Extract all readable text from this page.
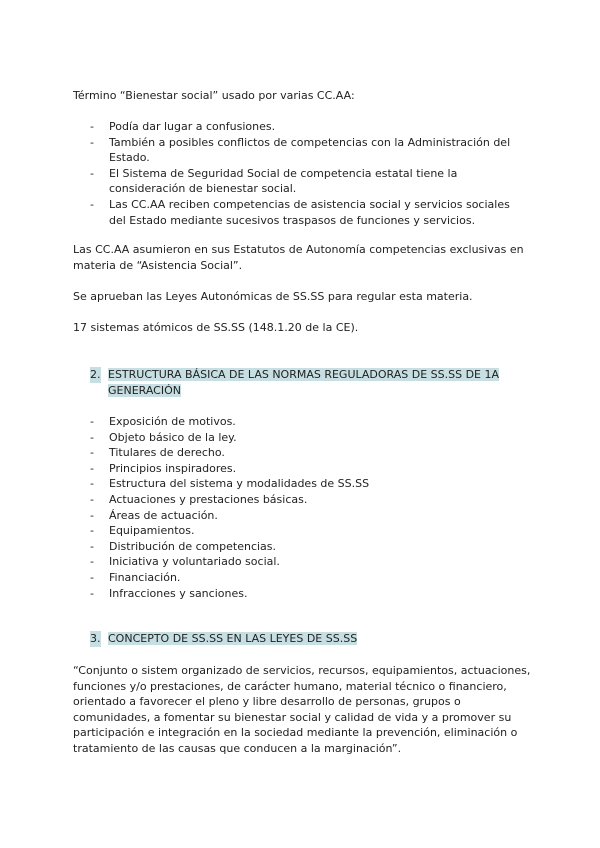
Término “Bienestar social” usado por varias CC.AA:

- Podía dar lugar a confusiones.
- También a posibles conflictos de competencias con la Administración del Estado.
- El Sistema de Seguridad Social de competencia estatal tiene la consideración de bienestar social.
- Las CC.AA reciben competencias de asistencia social y servicios sociales del Estado mediante sucesivos traspasos de funciones y servicios.

Las CC.AA asumieron en sus Estatutos de Autonomía competencias exclusivas en materia de “Asistencia Social”.

Se aprueban las Leyes Autonómicas de SS.SS para regular esta materia.

17 sistemas atómicos de SS.SS (148.1.20 de la CE).

2. ESTRUCTURA BÁSICA DE LAS NORMAS REGULADORAS DE SS.SS DE 1A GENERACIÓN
- Exposición de motivos.
- Objeto básico de la ley.
- Titulares de derecho.
- Principios inspiradores.
- Estructura del sistema y modalidades de SS.SS
- Actuaciones y prestaciones básicas.
- Áreas de actuación.
- Equipamientos.
- Distribución de competencias.
- Iniciativa y voluntariado social.
- Financiación.
- Infracciones y sanciones.
3. CONCEPTO DE SS.SS EN LAS LEYES DE SS.SS

“Conjunto o sistem organizado de servicios, recursos, equipamientos, actuaciones, funciones y/o prestaciones, de carácter humano, material técnico o financiero, orientado a favorecer el pleno y libre desarrollo de personas, grupos o comunidades, a fomentar su bienestar social y calidad de vida y a promover su participación e integración en la sociedad mediante la prevención, eliminación o tratamiento de las causas que conducen a la marginación”.
